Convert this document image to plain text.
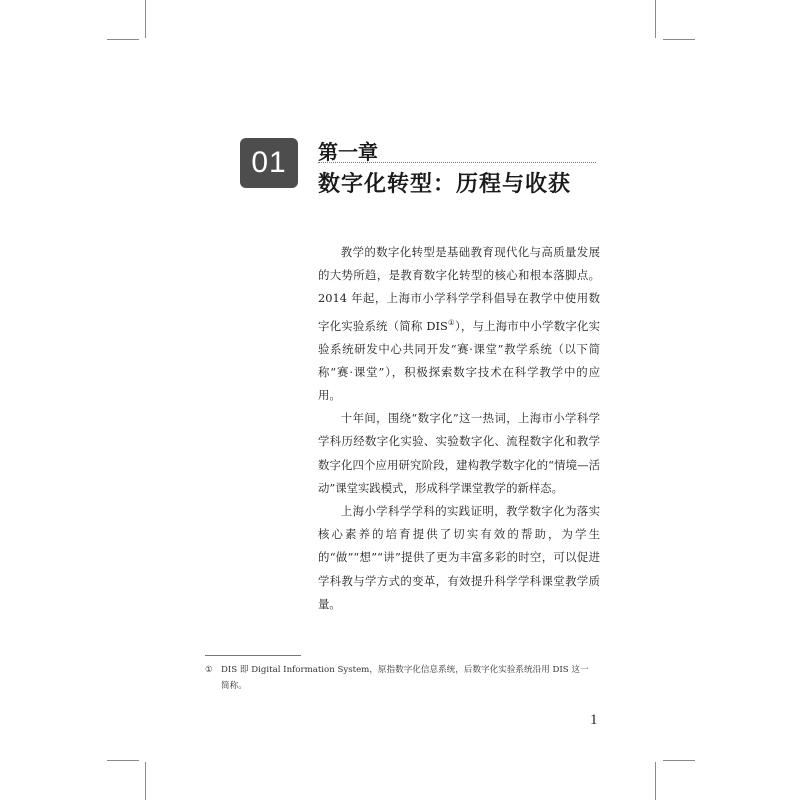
01	第一章
数字化转型：历程与收获

教学的数字化转型是基础教育现代化与高质量发展的大势所趋，是教育数字化转型的核心和根本落脚点。2014 年起，上海市小学科学学科倡导在教学中使用数字化实验系统（简称 DIS①），与上海市中小学数字化实验系统研发中心共同开发“赛·课堂”教学系统（以下简称“赛·课堂”），积极探索数字技术在科学教学中的应用。

十年间，围绕“数字化”这一热词，上海市小学科学学科历经数字化实验、实验数字化、流程数字化和教学数字化四个应用研究阶段，建构教学数字化的“情境—活动”课堂实践模式，形成科学课堂教学的新样态。

上海小学科学学科的实践证明，教学数字化为落实核心素养的培育提供了切实有效的帮助，为学生的“做”“想”“讲”提供了更为丰富多彩的时空，可以促进学科教与学方式的变革，有效提升科学学科课堂教学质量。

① DIS 即 Digital Information System，原指数字化信息系统，后数字化实验系统沿用 DIS 这一
简称。
1
